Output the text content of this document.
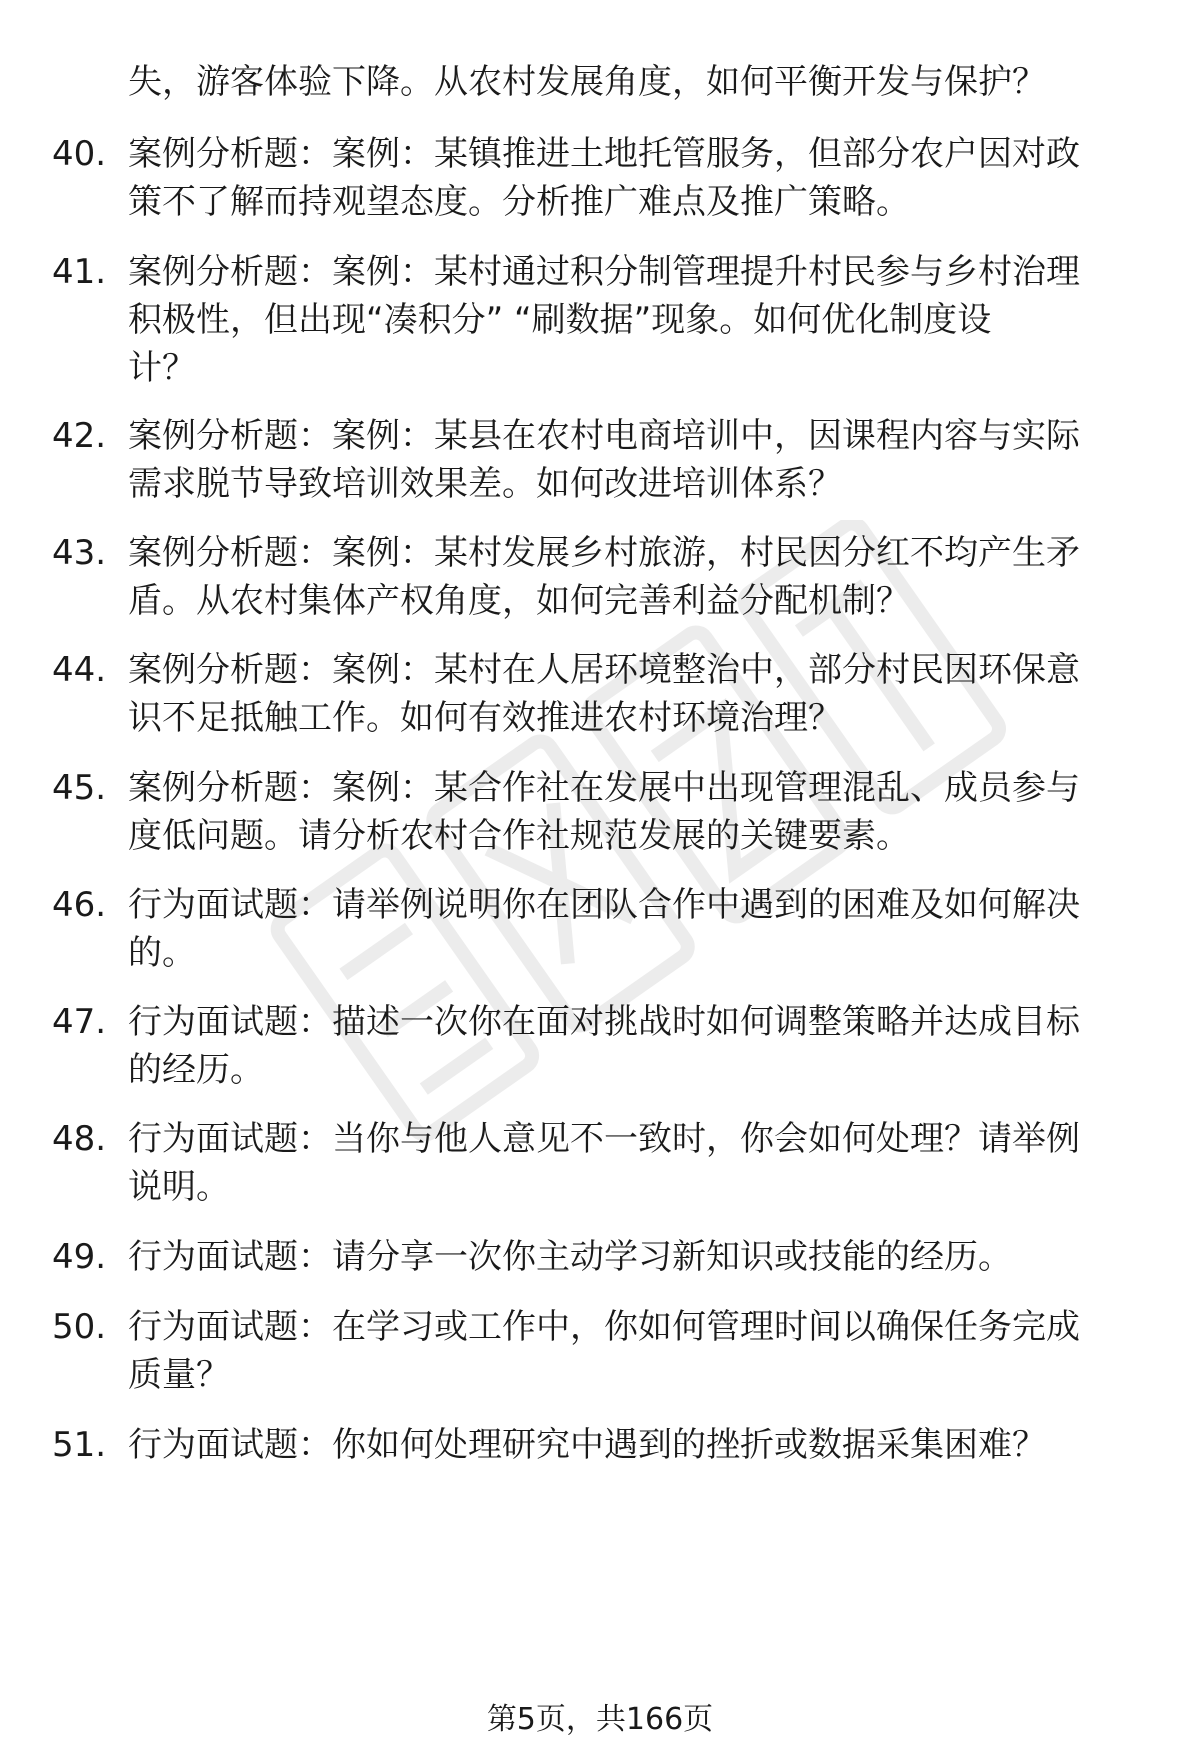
失，游客体验下降。从农村发展角度，如何平衡开发与保护？
40. 案例分析题：案例：某镇推进土地托管服务，但部分农户因对政
策不了解而持观望态度。分析推广难点及推广策略。
41. 案例分析题：案例：某村通过积分制管理提升村民参与乡村治理
积极性，但出现“凑积分” “刷数据”现象。如何优化制度设
计？
42. 案例分析题：案例：某县在农村电商培训中，因课程内容与实际
需求脱节导致培训效果差。如何改进培训体系？
43. 案例分析题：案例：某村发展乡村旅游，村民因分红不均产生矛
盾。从农村集体产权角度，如何完善利益分配机制？
44. 案例分析题：案例：某村在人居环境整治中，部分村民因环保意
识不足抵触工作。如何有效推进农村环境治理？
45. 案例分析题：案例：某合作社在发展中出现管理混乱、成员参与
度低问题。请分析农村合作社规范发展的关键要素。
46. 行为面试题：请举例说明你在团队合作中遇到的困难及如何解决
的。
47. 行为面试题：描述一次你在面对挑战时如何调整策略并达成目标
的经历。
48. 行为面试题：当你与他人意见不一致时，你会如何处理？请举例
说明。
49. 行为面试题：请分享一次你主动学习新知识或技能的经历。
50. 行为面试题：在学习或工作中，你如何管理时间以确保任务完成
质量？
51. 行为面试题：你如何处理研究中遇到的挫折或数据采集困难？
第5页，共166页
